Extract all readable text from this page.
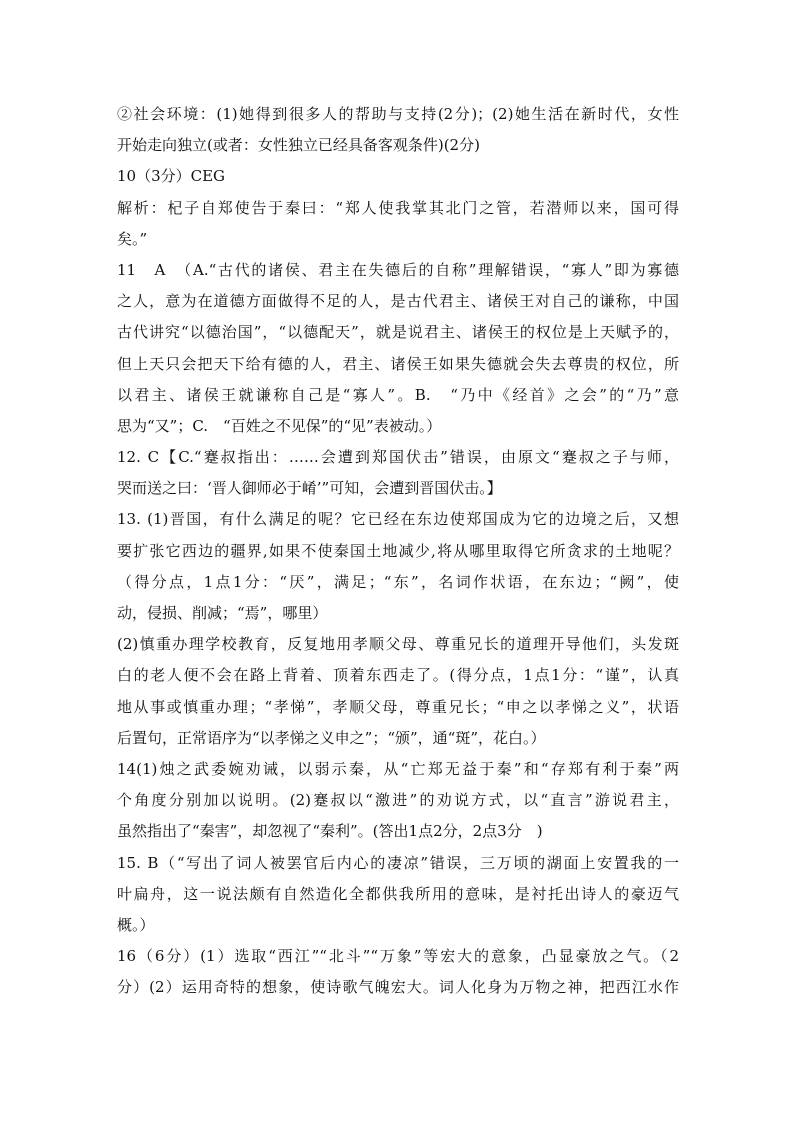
②社会环境：(1)她得到很多人的帮助与支持(2分)；(2)她生活在新时代，女性
开始走向独立(或者：女性独立已经具备客观条件)(2分)
10（3分）CEG
解析：杞子自郑使告于秦曰：“郑人使我掌其北门之管，若潜师以来，国可得
矣。”
11　A　（A.“古代的诸侯、君主在失德后的自称”理解错误，“寡人”即为寡德
之人，意为在道德方面做得不足的人，是古代君主、诸侯王对自己的谦称，中国
古代讲究“以德治国”，“以德配天”，就是说君主、诸侯王的权位是上天赋予的，
但上天只会把天下给有德的人，君主、诸侯王如果失德就会失去尊贵的权位，所
以君主、诸侯王就谦称自己是“寡人”。B.　“乃中《经首》之会”的“乃”意
思为“又”；C.　“百姓之不见保”的“见”表被动。）
12. C【C.“蹇叔指出：……会遭到郑国伏击”错误，由原文“蹇叔之子与师，
哭而送之曰：‘晋人御师必于崤’”可知，会遭到晋国伏击。】
13. (1)晋国，有什么满足的呢？它已经在东边使郑国成为它的边境之后，又想
要扩张它西边的疆界,如果不使秦国土地减少,将从哪里取得它所贪求的土地呢？
（得分点，1点1分：“厌”，满足；“东”，名词作状语，在东边；“阙”，使
动，侵损、削减；“焉”，哪里）
(2)慎重办理学校教育，反复地用孝顺父母、尊重兄长的道理开导他们，头发斑
白的老人便不会在路上背着、顶着东西走了。(得分点，1点1分：“谨”，认真
地从事或慎重办理；“孝悌”，孝顺父母，尊重兄长；“申之以孝悌之义”，状语
后置句，正常语序为“以孝悌之义申之”；“颁”，通“斑”，花白。）
14(1)烛之武委婉劝诫，以弱示秦，从“亡郑无益于秦”和“存郑有利于秦”两
个角度分别加以说明。(2)蹇叔以“激进”的劝说方式，以“直言”游说君主，
虽然指出了“秦害”，却忽视了“秦利”。(答出1点2分，2点3分　)
15. B（“写出了词人被罢官后内心的凄凉”错误，三万顷的湖面上安置我的一
叶扁舟，这一说法颇有自然造化全都供我所用的意味，是衬托出诗人的豪迈气
概。）
16（6分）(1）选取“西江”“北斗”“万象”等宏大的意象，凸显豪放之气。（2
分）(2）运用奇特的想象，使诗歌气魄宏大。词人化身为万物之神，把西江水作
